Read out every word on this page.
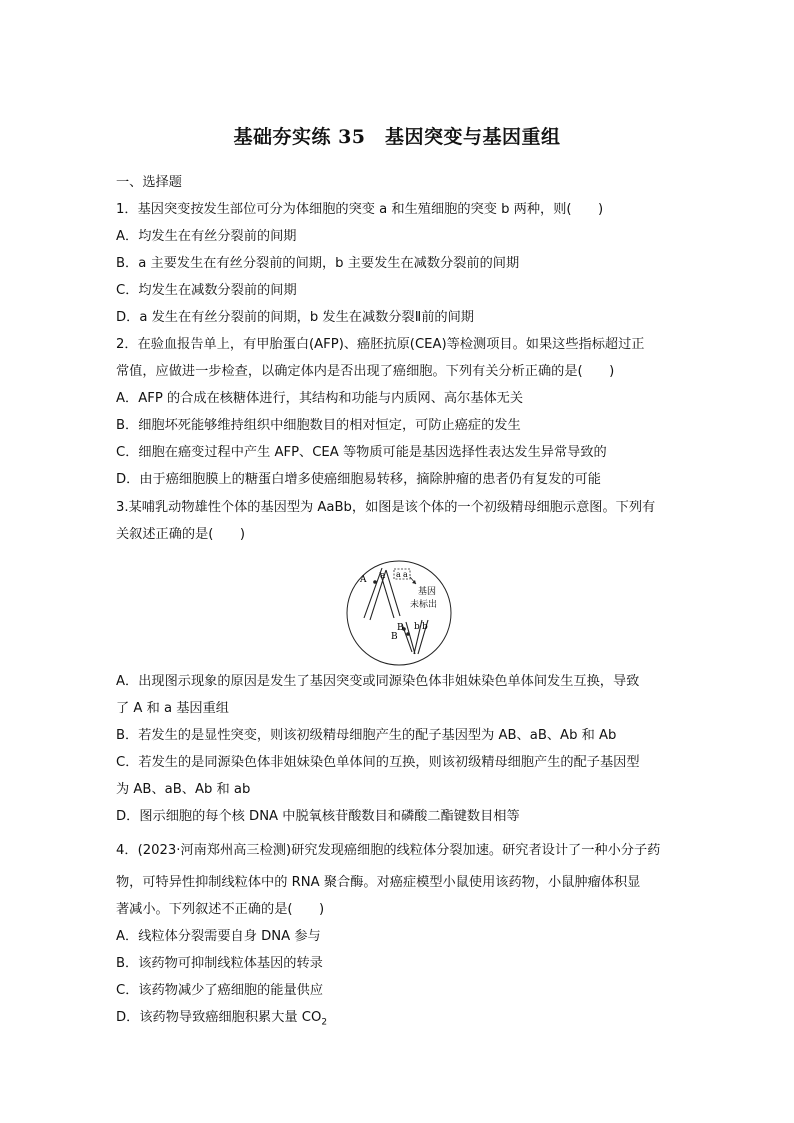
基础夯实练 35　基因突变与基因重组
一、选择题
1．基因突变按发生部位可分为体细胞的突变 a 和生殖细胞的突变 b 两种，则(　　)
A．均发生在有丝分裂前的间期
B．a 主要发生在有丝分裂前的间期，b 主要发生在减数分裂前的间期
C．均发生在减数分裂前的间期
D．a 发生在有丝分裂前的间期，b 发生在减数分裂Ⅱ前的间期
2．在验血报告单上，有甲胎蛋白(AFP)、癌胚抗原(CEA)等检测项目。如果这些指标超过正
常值，应做进一步检查，以确定体内是否出现了癌细胞。下列有关分析正确的是(　　)
A．AFP 的合成在核糖体进行，其结构和功能与内质网、高尔基体无关
B．细胞坏死能够维持组织中细胞数目的相对恒定，可防止癌症的发生
C．细胞在癌变过程中产生 AFP、CEA 等物质可能是基因选择性表达发生异常导致的
D．由于癌细胞膜上的糖蛋白增多使癌细胞易转移，摘除肿瘤的患者仍有复发的可能
3.某哺乳动物雄性个体的基因型为 AaBb，如图是该个体的一个初级精母细胞示意图。下列有
关叙述正确的是(　　)
A a a a
基因
未标出
B
B
b b
A．出现图示现象的原因是发生了基因突变或同源染色体非姐妹染色单体间发生互换，导致
了 A 和 a 基因重组
B．若发生的是显性突变，则该初级精母细胞产生的配子基因型为 AB、aB、Ab 和 Ab
C．若发生的是同源染色体非姐妹染色单体间的互换，则该初级精母细胞产生的配子基因型
为 AB、aB、Ab 和 ab
D．图示细胞的每个核 DNA 中脱氧核苷酸数目和磷酸二酯键数目相等
4．(2023·河南郑州高三检测)研究发现癌细胞的线粒体分裂加速。研究者设计了一种小分子药
物，可特异性抑制线粒体中的 RNA 聚合酶。对癌症模型小鼠使用该药物，小鼠肿瘤体积显
著减小。下列叙述不正确的是(　　)
A．线粒体分裂需要自身 DNA 参与
B．该药物可抑制线粒体基因的转录
C．该药物减少了癌细胞的能量供应
D．该药物导致癌细胞积累大量 $CO_2$
